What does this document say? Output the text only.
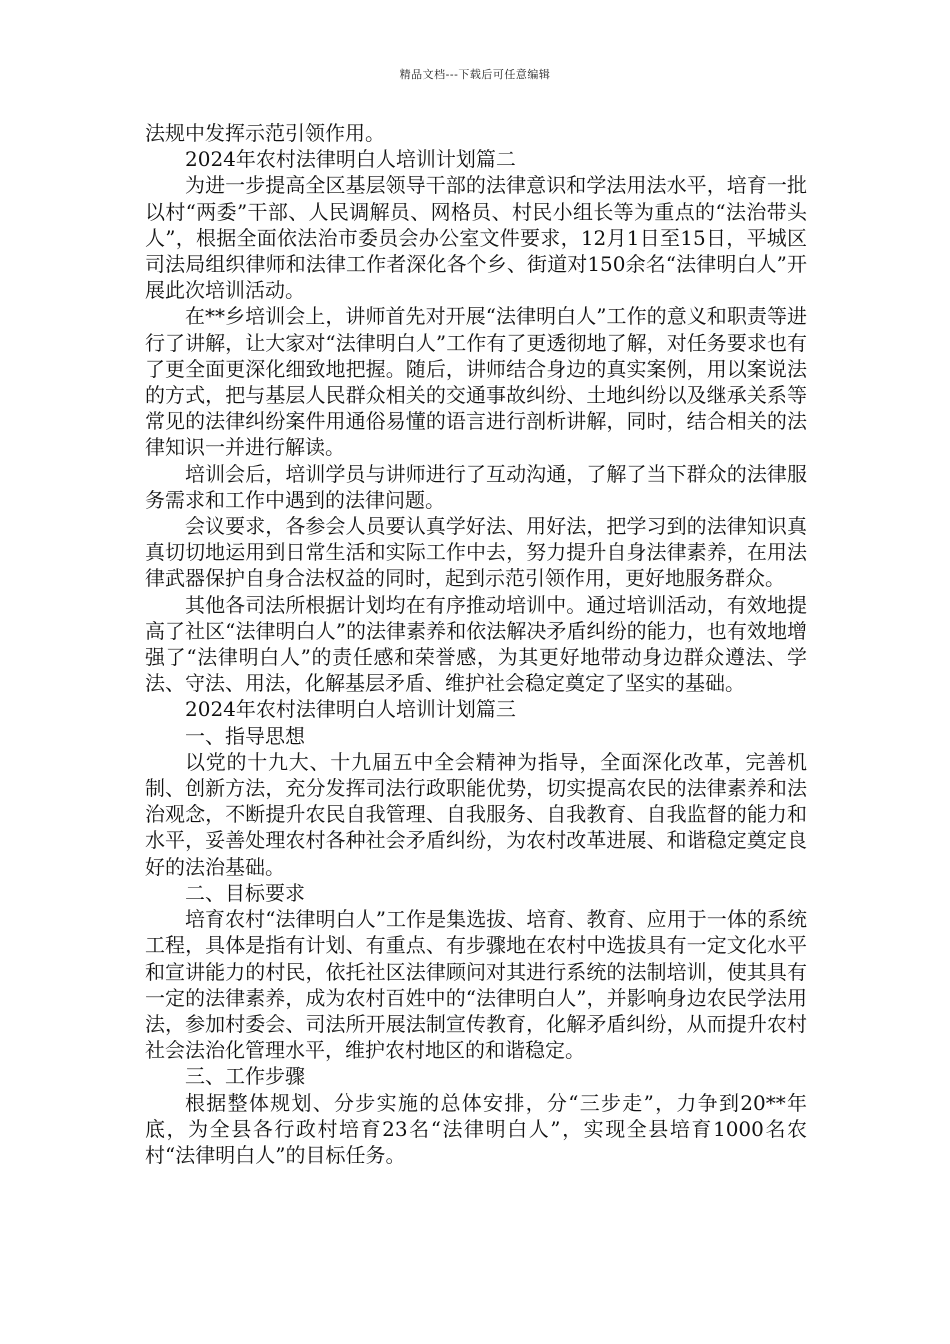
精品文档---下载后可任意编辑

法规中发挥示范引领作用。

2024年农村法律明白人培训计划篇二

为进一步提高全区基层领导干部的法律意识和学法用法水平，培育一批以村“两委”干部、人民调解员、网格员、村民小组长等为重点的“法治带头人”，根据全面依法治市委员会办公室文件要求，12月1日至15日，平城区司法局组织律师和法律工作者深化各个乡、街道对150余名“法律明白人”开展此次培训活动。

在**乡培训会上，讲师首先对开展“法律明白人”工作的意义和职责等进行了讲解，让大家对“法律明白人”工作有了更透彻地了解，对任务要求也有了更全面更深化细致地把握。随后，讲师结合身边的真实案例，用以案说法的方式，把与基层人民群众相关的交通事故纠纷、土地纠纷以及继承关系等常见的法律纠纷案件用通俗易懂的语言进行剖析讲解，同时，结合相关的法律知识一并进行解读。

培训会后，培训学员与讲师进行了互动沟通，了解了当下群众的法律服务需求和工作中遇到的法律问题。

会议要求，各参会人员要认真学好法、用好法，把学习到的法律知识真真切切地运用到日常生活和实际工作中去，努力提升自身法律素养，在用法律武器保护自身合法权益的同时，起到示范引领作用，更好地服务群众。

其他各司法所根据计划均在有序推动培训中。通过培训活动，有效地提高了社区“法律明白人”的法律素养和依法解决矛盾纠纷的能力，也有效地增强了“法律明白人”的责任感和荣誉感，为其更好地带动身边群众遵法、学法、守法、用法，化解基层矛盾、维护社会稳定奠定了坚实的基础。

2024年农村法律明白人培训计划篇三

一、指导思想

以党的十九大、十九届五中全会精神为指导，全面深化改革，完善机制、创新方法，充分发挥司法行政职能优势，切实提高农民的法律素养和法治观念，不断提升农民自我管理、自我服务、自我教育、自我监督的能力和水平，妥善处理农村各种社会矛盾纠纷，为农村改革进展、和谐稳定奠定良好的法治基础。

二、目标要求

培育农村“法律明白人”工作是集选拔、培育、教育、应用于一体的系统工程，具体是指有计划、有重点、有步骤地在农村中选拔具有一定文化水平和宣讲能力的村民，依托社区法律顾问对其进行系统的法制培训，使其具有一定的法律素养，成为农村百姓中的“法律明白人”，并影响身边农民学法用法，参加村委会、司法所开展法制宣传教育，化解矛盾纠纷，从而提升农村社会法治化管理水平，维护农村地区的和谐稳定。

三、工作步骤

根据整体规划、分步实施的总体安排，分“三步走”，力争到20**年底，为全县各行政村培育23名“法律明白人”，实现全县培育1000名农村“法律明白人”的目标任务。
